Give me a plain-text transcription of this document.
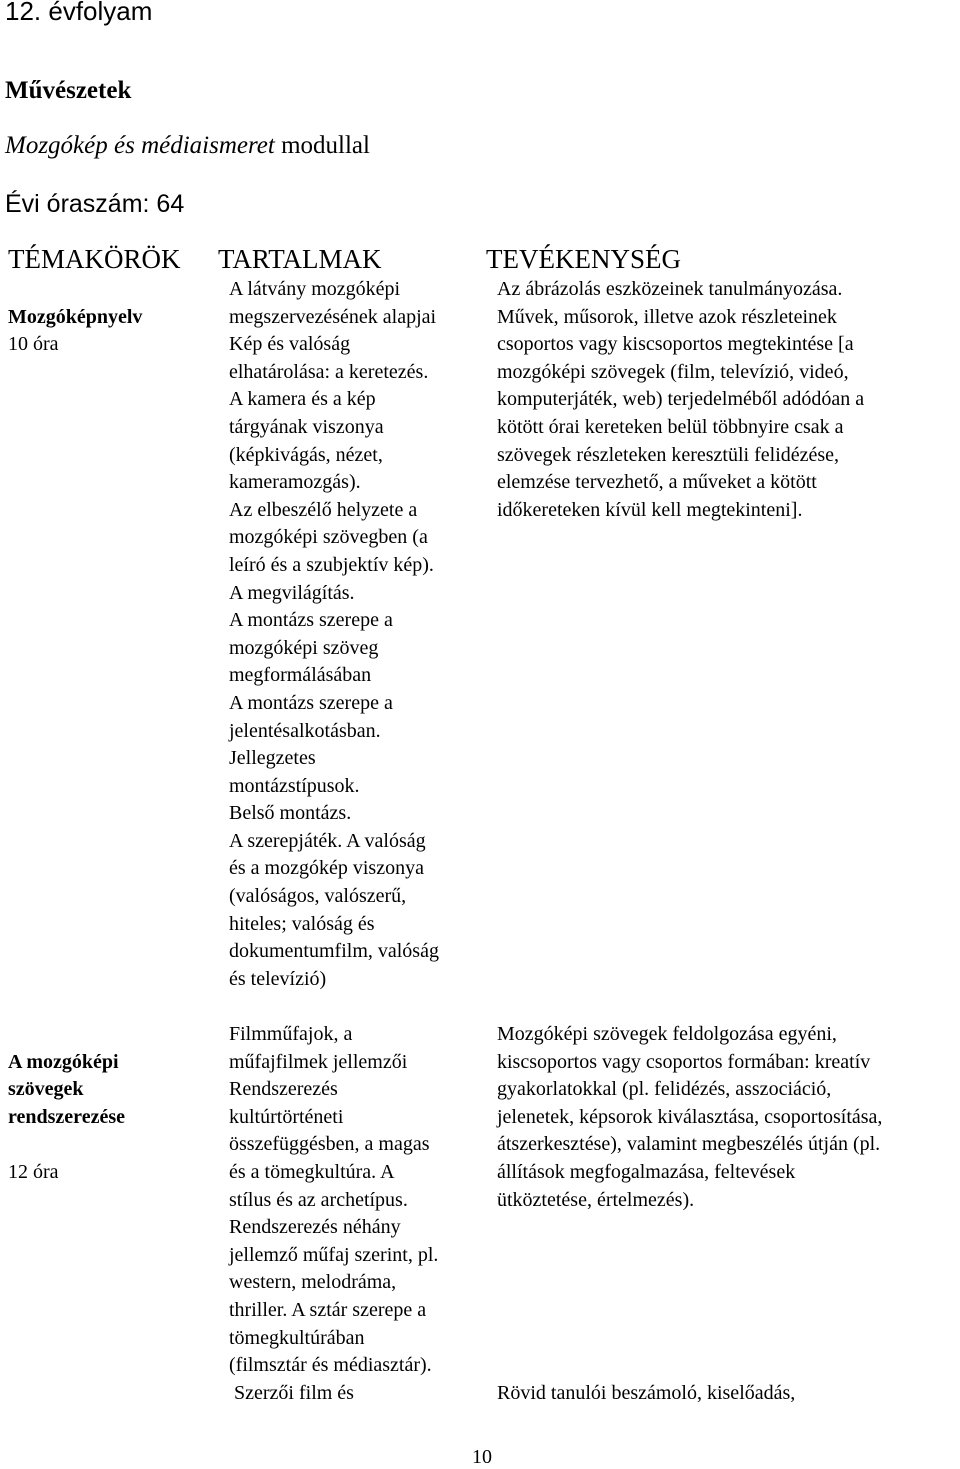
12. évfolyam
Művészetek
Mozgókép és médiaismeret modullal
Évi óraszám: 64
TÉMAKÖRÖK TARTALMAK	TEVÉKENYSÉG

Mozgóképnyelv

10 óra

A látvány mozgóképi
megszervezésének alapjai
Kép és valóság
elhatárolása: a keretezés.
A kamera és a kép
tárgyának viszonya
(képkivágás, nézet,
kameramozgás).
Az elbeszélő helyzete a
mozgóképi szövegben (a
leíró és a szubjektív kép).
A megvilágítás.
A montázs szerepe a
mozgóképi szöveg
megformálásában
A montázs szerepe a
jelentésalkotásban.
Jellegzetes
montázstípusok.
Belső montázs.
A szerepjáték. A valóság
és a mozgókép viszonya
(valóságos, valószerű,
hiteles; valóság és
dokumentumfilm, valóság
és televízió)
Az ábrázolás eszközeinek tanulmányozása.
Művek, műsorok, illetve azok részleteinek
csoportos vagy kiscsoportos megtekintése [a
mozgóképi szövegek (film, televízió, videó,
komputerjáték, web) terjedelméből adódóan a
kötött órai kereteken belül többnyire csak a
szövegek részleteken keresztüli felidézése,
elemzése tervezhető, a műveket a kötött
időkereteken kívül kell megtekinteni].

A mozgóképi
szövegek
rendszerezése

12 óra

Filmműfajok, a
műfajfilmek jellemzői
Rendszerezés
kultúrtörténeti
összefüggésben, a magas
és a tömegkultúra. A
stílus és az archetípus.
Rendszerezés néhány
jellemző műfaj szerint, pl.
western, melodráma,
thriller. A sztár szerepe a
tömegkultúrában
(filmsztár és médiasztár).
Mozgóképi szövegek feldolgozása egyéni,
kiscsoportos vagy csoportos formában: kreatív
gyakorlatokkal (pl. felidézés, asszociáció,
jelenetek, képsorok kiválasztása, csoportosítása,
átszerkesztése), valamint megbeszélés útján (pl.
állítások megfogalmazása, feltevések
ütköztetése, értelmezés).
Szerzői film és	Rövid tanulói beszámoló, kiselőadás,
10
